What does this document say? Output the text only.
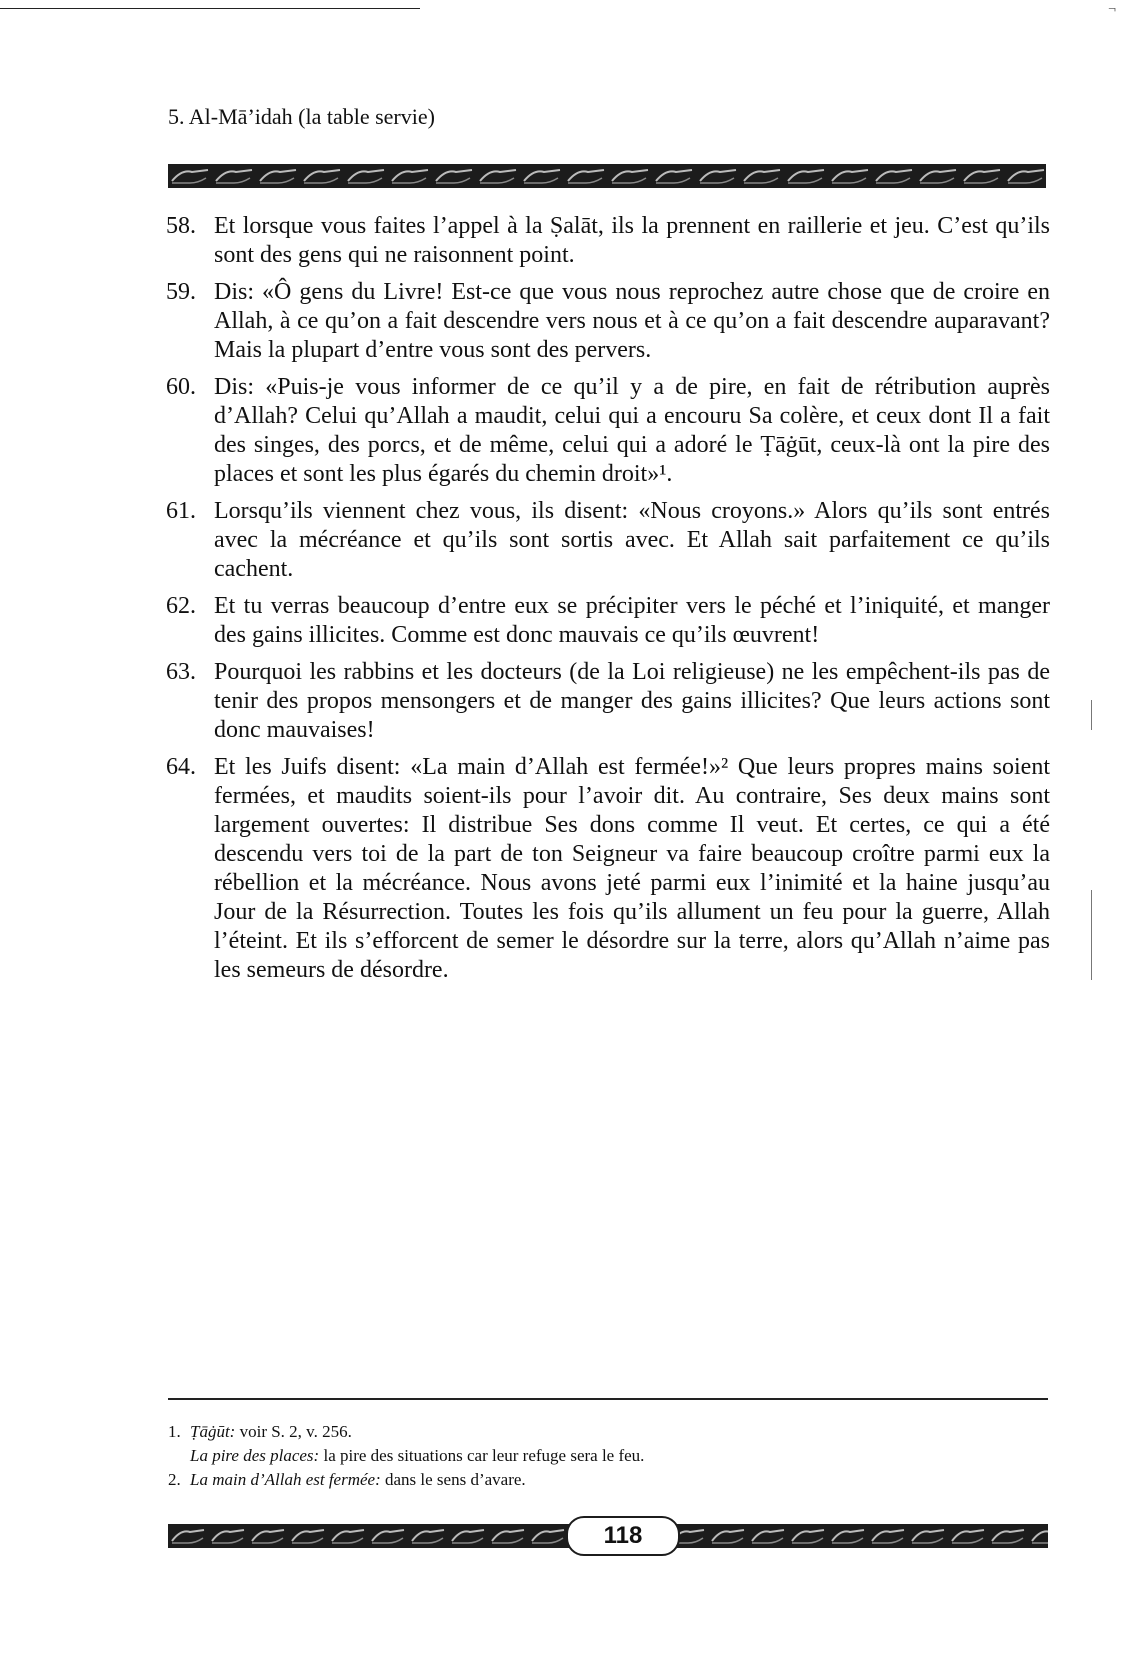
¬
5. Al-Mā’idah (la table servie)
58. Et lorsque vous faites l’appel à la Ṣalāt, ils la prennent en raillerie et jeu. C’est qu’ils sont des gens qui ne raisonnent point.
59. Dis: «Ô gens du Livre! Est-ce que vous nous reprochez autre chose que de croire en Allah, à ce qu’on a fait descendre vers nous et à ce qu’on a fait descendre auparavant? Mais la plupart d’entre vous sont des pervers.
60. Dis: «Puis-je vous informer de ce qu’il y a de pire, en fait de rétribution auprès d’Allah? Celui qu’Allah a maudit, celui qui a encouru Sa colère, et ceux dont Il a fait des singes, des porcs, et de même, celui qui a adoré le Ṭāġūt, ceux-là ont la pire des places et sont les plus égarés du chemin droit»¹.
61. Lorsqu’ils viennent chez vous, ils disent: «Nous croyons.» Alors qu’ils sont entrés avec la mécréance et qu’ils sont sortis avec. Et Allah sait parfaitement ce qu’ils cachent.
62. Et tu verras beaucoup d’entre eux se précipiter vers le péché et l’iniquité, et manger des gains illicites. Comme est donc mauvais ce qu’ils œuvrent!
63. Pourquoi les rabbins et les docteurs (de la Loi religieuse) ne les empêchent-ils pas de tenir des propos mensongers et de manger des gains illicites? Que leurs actions sont donc mauvaises!
64. Et les Juifs disent: «La main d’Allah est fermée!»² Que leurs propres mains soient fermées, et maudits soient-ils pour l’avoir dit. Au contraire, Ses deux mains sont largement ouvertes: Il distribue Ses dons comme Il veut. Et certes, ce qui a été descendu vers toi de la part de ton Seigneur va faire beaucoup croître parmi eux la rébellion et la mécréance. Nous avons jeté parmi eux l’inimité et la haine jusqu’au Jour de la Résurrection. Toutes les fois qu’ils allument un feu pour la guerre, Allah l’éteint. Et ils s’efforcent de semer le désordre sur la terre, alors qu’Allah n’aime pas les semeurs de désordre.
1. Ṭāġūt: voir S. 2, v. 256.
La pire des places: la pire des situations car leur refuge sera le feu.
2. La main d’Allah est fermée: dans le sens d’avare.
118
